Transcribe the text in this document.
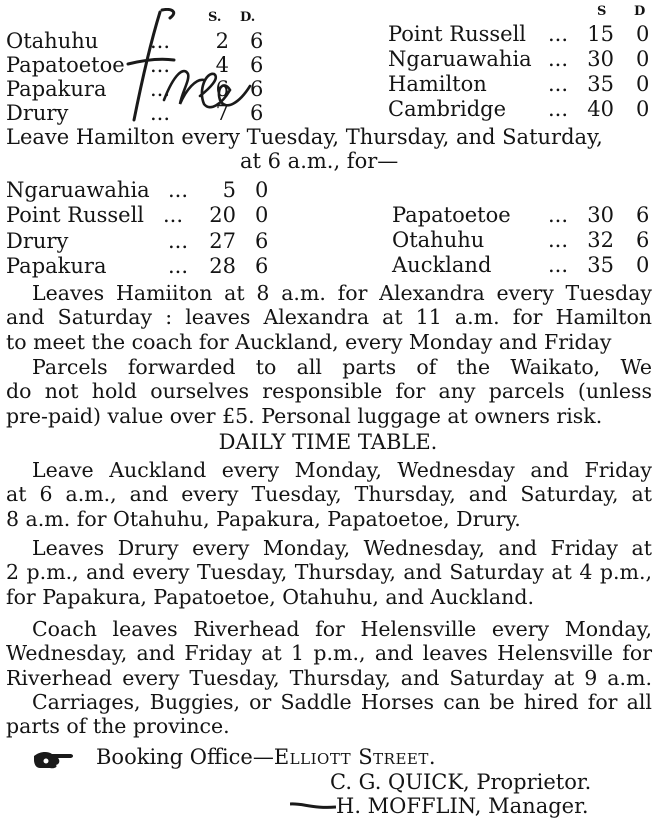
S. D.	S D
Otahuhu ...	2 6
Papatoetoe ...	4 6
Papakura ...	6 6
Drury	...	7 6
Point Russell ... 15 0
Ngaruawahia ... 30 0
Hamilton	... 35 0
Cambridge ... 40 0
Leave Hamilton every Tuesday, Thursday, and Saturday,
at 6 a.m., for—
Ngaruawahia ...	5 0
Point Russell ... 20 0
Drury	... 27 6
Papakura	... 28 6
Papatoetoe ... 30 6
Otahuhu	... 32 6
Auckland	... 35 0
Leaves Hamiiton at 8 a.m. for Alexandra every Tuesday
and Saturday : leaves Alexandra at 11 a.m. for Hamilton
to meet the coach for Auckland, every Monday and Friday
Parcels forwarded to all parts of the Waikato, We
do not hold ourselves responsible for any parcels (unless
pre-paid) value over £5. Personal luggage at owners risk.
DAILY TIME TABLE.
Leave Auckland every Monday, Wednesday and Friday
at 6 a.m., and every Tuesday, Thursday, and Saturday, at
8 a.m. for Otahuhu, Papakura, Papatoetoe, Drury.
Leaves Drury every Monday, Wednesday, and Friday at
2 p.m., and every Tuesday, Thursday, and Saturday at 4 p.m.,
for Papakura, Papatoetoe, Otahuhu, and Auckland.
Coach leaves Riverhead for Helensville every Monday,
Wednesday, and Friday at 1 p.m., and leaves Helensville for
Riverhead every Tuesday, Thursday, and Saturday at 9 a.m.
Carriages, Buggies, or Saddle Horses can be hired for all
parts of the province.
Booking Office—Elliott Street.
C. G. QUICK, Proprietor.
H. MOFFLIN, Manager.
